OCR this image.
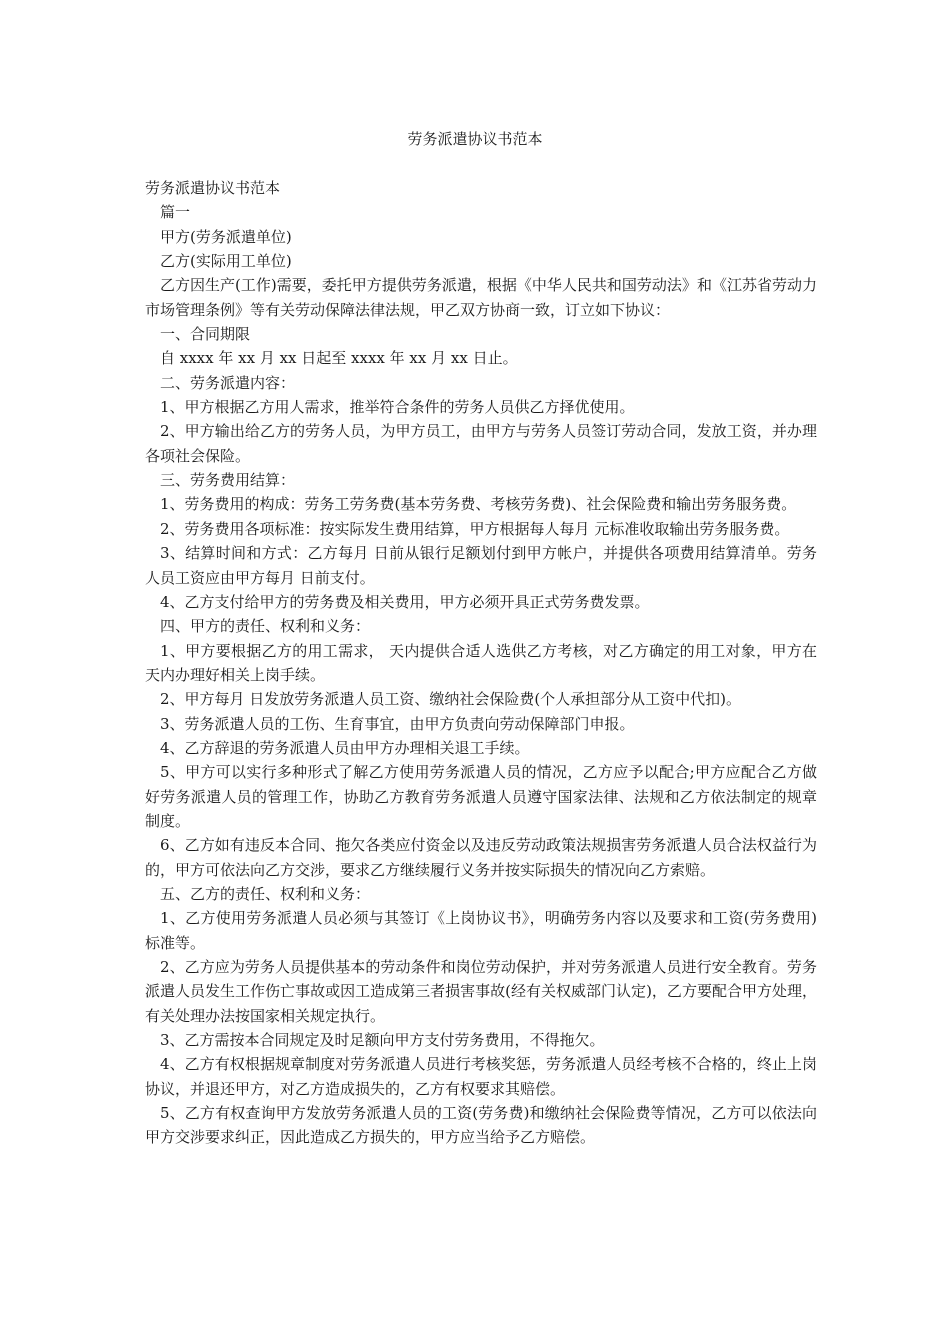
劳务派遣协议书范本

劳务派遣协议书范本

篇一

甲方(劳务派遣单位)

乙方(实际用工单位)

乙方因生产(工作)需要，委托甲方提供劳务派遣，根据《中华人民共和国劳动法》和《江苏省劳动力市场管理条例》等有关劳动保障法律法规，甲乙双方协商一致，订立如下协议：

一、合同期限

自 xxxx 年 xx 月 xx 日起至 xxxx 年 xx 月 xx 日止。

二、劳务派遣内容：

1、甲方根据乙方用人需求，推举符合条件的劳务人员供乙方择优使用。

2、甲方输出给乙方的劳务人员，为甲方员工，由甲方与劳务人员签订劳动合同，发放工资，并办理各项社会保险。

三、劳务费用结算：

1、劳务费用的构成：劳务工劳务费(基本劳务费、考核劳务费)、社会保险费和输出劳务服务费。

2、劳务费用各项标准：按实际发生费用结算，甲方根据每人每月 元标准收取输出劳务服务费。

3、结算时间和方式：乙方每月 日前从银行足额划付到甲方帐户，并提供各项费用结算清单。劳务人员工资应由甲方每月 日前支付。

4、乙方支付给甲方的劳务费及相关费用，甲方必须开具正式劳务费发票。

四、甲方的责任、权利和义务：

1、甲方要根据乙方的用工需求， 天内提供合适人选供乙方考核，对乙方确定的用工对象，甲方在 天内办理好相关上岗手续。

2、甲方每月 日发放劳务派遣人员工资、缴纳社会保险费(个人承担部分从工资中代扣)。

3、劳务派遣人员的工伤、生育事宜，由甲方负责向劳动保障部门申报。

4、乙方辞退的劳务派遣人员由甲方办理相关退工手续。

5、甲方可以实行多种形式了解乙方使用劳务派遣人员的情况，乙方应予以配合;甲方应配合乙方做好劳务派遣人员的管理工作，协助乙方教育劳务派遣人员遵守国家法律、法规和乙方依法制定的规章制度。

6、乙方如有违反本合同、拖欠各类应付资金以及违反劳动政策法规损害劳务派遣人员合法权益行为的，甲方可依法向乙方交涉，要求乙方继续履行义务并按实际损失的情况向乙方索赔。

五、乙方的责任、权利和义务：

1、乙方使用劳务派遣人员必须与其签订《上岗协议书》，明确劳务内容以及要求和工资(劳务费用)标准等。

2、乙方应为劳务人员提供基本的劳动条件和岗位劳动保护，并对劳务派遣人员进行安全教育。劳务派遣人员发生工作伤亡事故或因工造成第三者损害事故(经有关权威部门认定)，乙方要配合甲方处理，有关处理办法按国家相关规定执行。

3、乙方需按本合同规定及时足额向甲方支付劳务费用，不得拖欠。

4、乙方有权根据规章制度对劳务派遣人员进行考核奖惩，劳务派遣人员经考核不合格的，终止上岗协议，并退还甲方，对乙方造成损失的，乙方有权要求其赔偿。

5、乙方有权查询甲方发放劳务派遣人员的工资(劳务费)和缴纳社会保险费等情况，乙方可以依法向甲方交涉要求纠正，因此造成乙方损失的，甲方应当给予乙方赔偿。
